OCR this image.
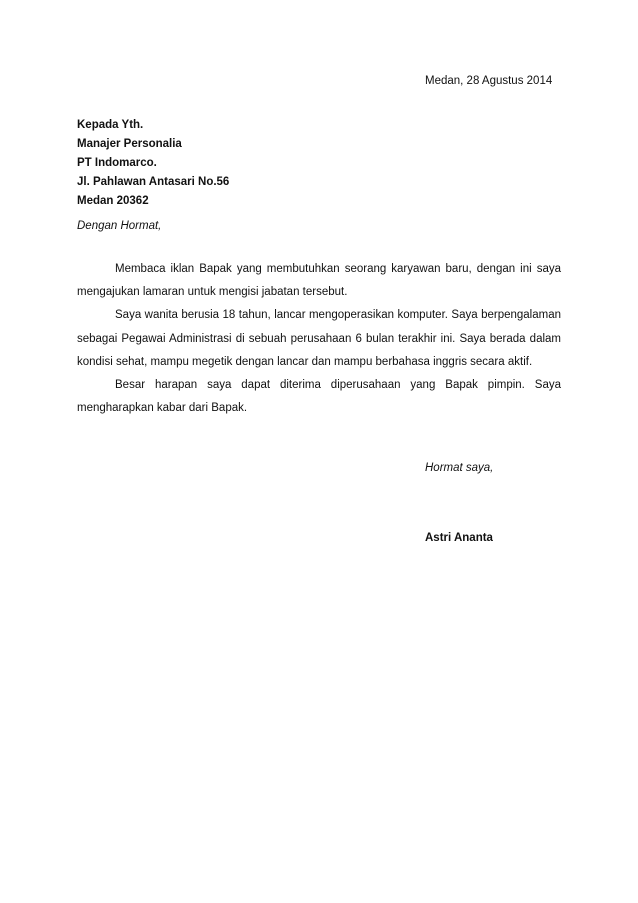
Medan, 28 Agustus 2014
Kepada Yth.
Manajer Personalia
PT Indomarco.
Jl. Pahlawan Antasari No.56
Medan 20362
Dengan Hormat,

Membaca iklan Bapak yang membutuhkan seorang karyawan baru, dengan ini saya mengajukan lamaran untuk mengisi jabatan tersebut.

Saya wanita berusia 18 tahun, lancar mengoperasikan komputer. Saya berpengalaman sebagai Pegawai Administrasi di sebuah perusahaan 6 bulan terakhir ini. Saya berada dalam kondisi sehat, mampu megetik dengan lancar dan mampu berbahasa inggris secara aktif.

Besar harapan saya dapat diterima diperusahaan yang Bapak pimpin. Saya mengharapkan kabar dari Bapak.

Hormat saya,
Astri Ananta
